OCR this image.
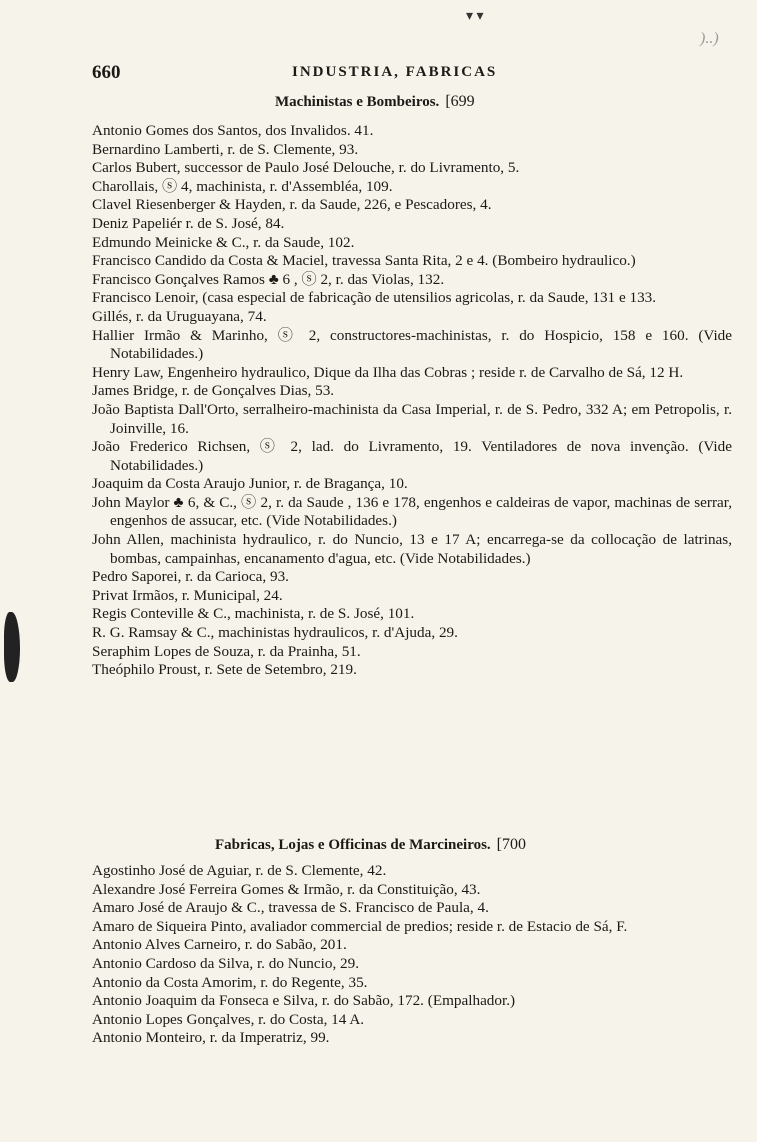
▾ ▾
)..)
660	INDUSTRIA, FABRICAS
Machinistas e Bombeiros. [699
Antonio Gomes dos Santos, dos Invalidos. 41.
Bernardino Lamberti, r. de S. Clemente, 93.
Carlos Bubert, successor de Paulo José Delouche, r. do Livramento, 5.
Charollais, ⓢ 4, machinista, r. d'Assembléa, 109.
Clavel Riesenberger & Hayden, r. da Saude, 226, e Pescadores, 4.
Deniz Papeliér r. de S. José, 84.
Edmundo Meinicke & C., r. da Saude, 102.
Francisco Candido da Costa & Maciel, travessa Santa Rita, 2 e 4. (Bombeiro hydraulico.)
Francisco Gonçalves Ramos ♣ 6 , ⓢ 2, r. das Violas, 132.
Francisco Lenoir, (casa especial de fabricação de utensilios agricolas, r. da Saude, 131 e 133.
Gillés, r. da Uruguayana, 74.
Hallier Irmão & Marinho, ⓢ 2, constructores-machinistas, r. do Hospicio, 158 e 160. (Vide Notabilidades.)
Henry Law, Engenheiro hydraulico, Dique da Ilha das Cobras ; reside r. de Carvalho de Sá, 12 H.
James Bridge, r. de Gonçalves Dias, 53.
João Baptista Dall'Orto, serralheiro-machinista da Casa Imperial, r. de S. Pedro, 332 A; em Petropolis, r. Joinville, 16.
João Frederico Richsen, ⓢ 2, lad. do Livramento, 19. Ventiladores de nova invenção. (Vide Notabilidades.)
Joaquim da Costa Araujo Junior, r. de Bragança, 10.
John Maylor ♣ 6, & C., ⓢ 2, r. da Saude , 136 e 178, engenhos e caldeiras de vapor, machinas de serrar, engenhos de assucar, etc. (Vide Notabilidades.)
John Allen, machinista hydraulico, r. do Nuncio, 13 e 17 A; encarrega-se da collocação de latrinas, bombas, campainhas, encanamento d'agua, etc. (Vide Notabilidades.)
Pedro Saporei, r. da Carioca, 93.
Privat Irmãos, r. Municipal, 24.
Regis Conteville & C., machinista, r. de S. José, 101.
R. G. Ramsay & C., machinistas hydraulicos, r. d'Ajuda, 29.
Seraphim Lopes de Souza, r. da Prainha, 51.
Theóphilo Proust, r. Sete de Setembro, 219.
Fabricas, Lojas e Officinas de Marcineiros. [700
Agostinho José de Aguiar, r. de S. Clemente, 42.
Alexandre José Ferreira Gomes & Irmão, r. da Constituição, 43.
Amaro José de Araujo & C., travessa de S. Francisco de Paula, 4.
Amaro de Siqueira Pinto, avaliador commercial de predios; reside r. de Estacio de Sá, F.
Antonio Alves Carneiro, r. do Sabão, 201.
Antonio Cardoso da Silva, r. do Nuncio, 29.
Antonio da Costa Amorim, r. do Regente, 35.
Antonio Joaquim da Fonseca e Silva, r. do Sabão, 172. (Empalhador.)
Antonio Lopes Gonçalves, r. do Costa, 14 A.
Antonio Monteiro, r. da Imperatriz, 99.
